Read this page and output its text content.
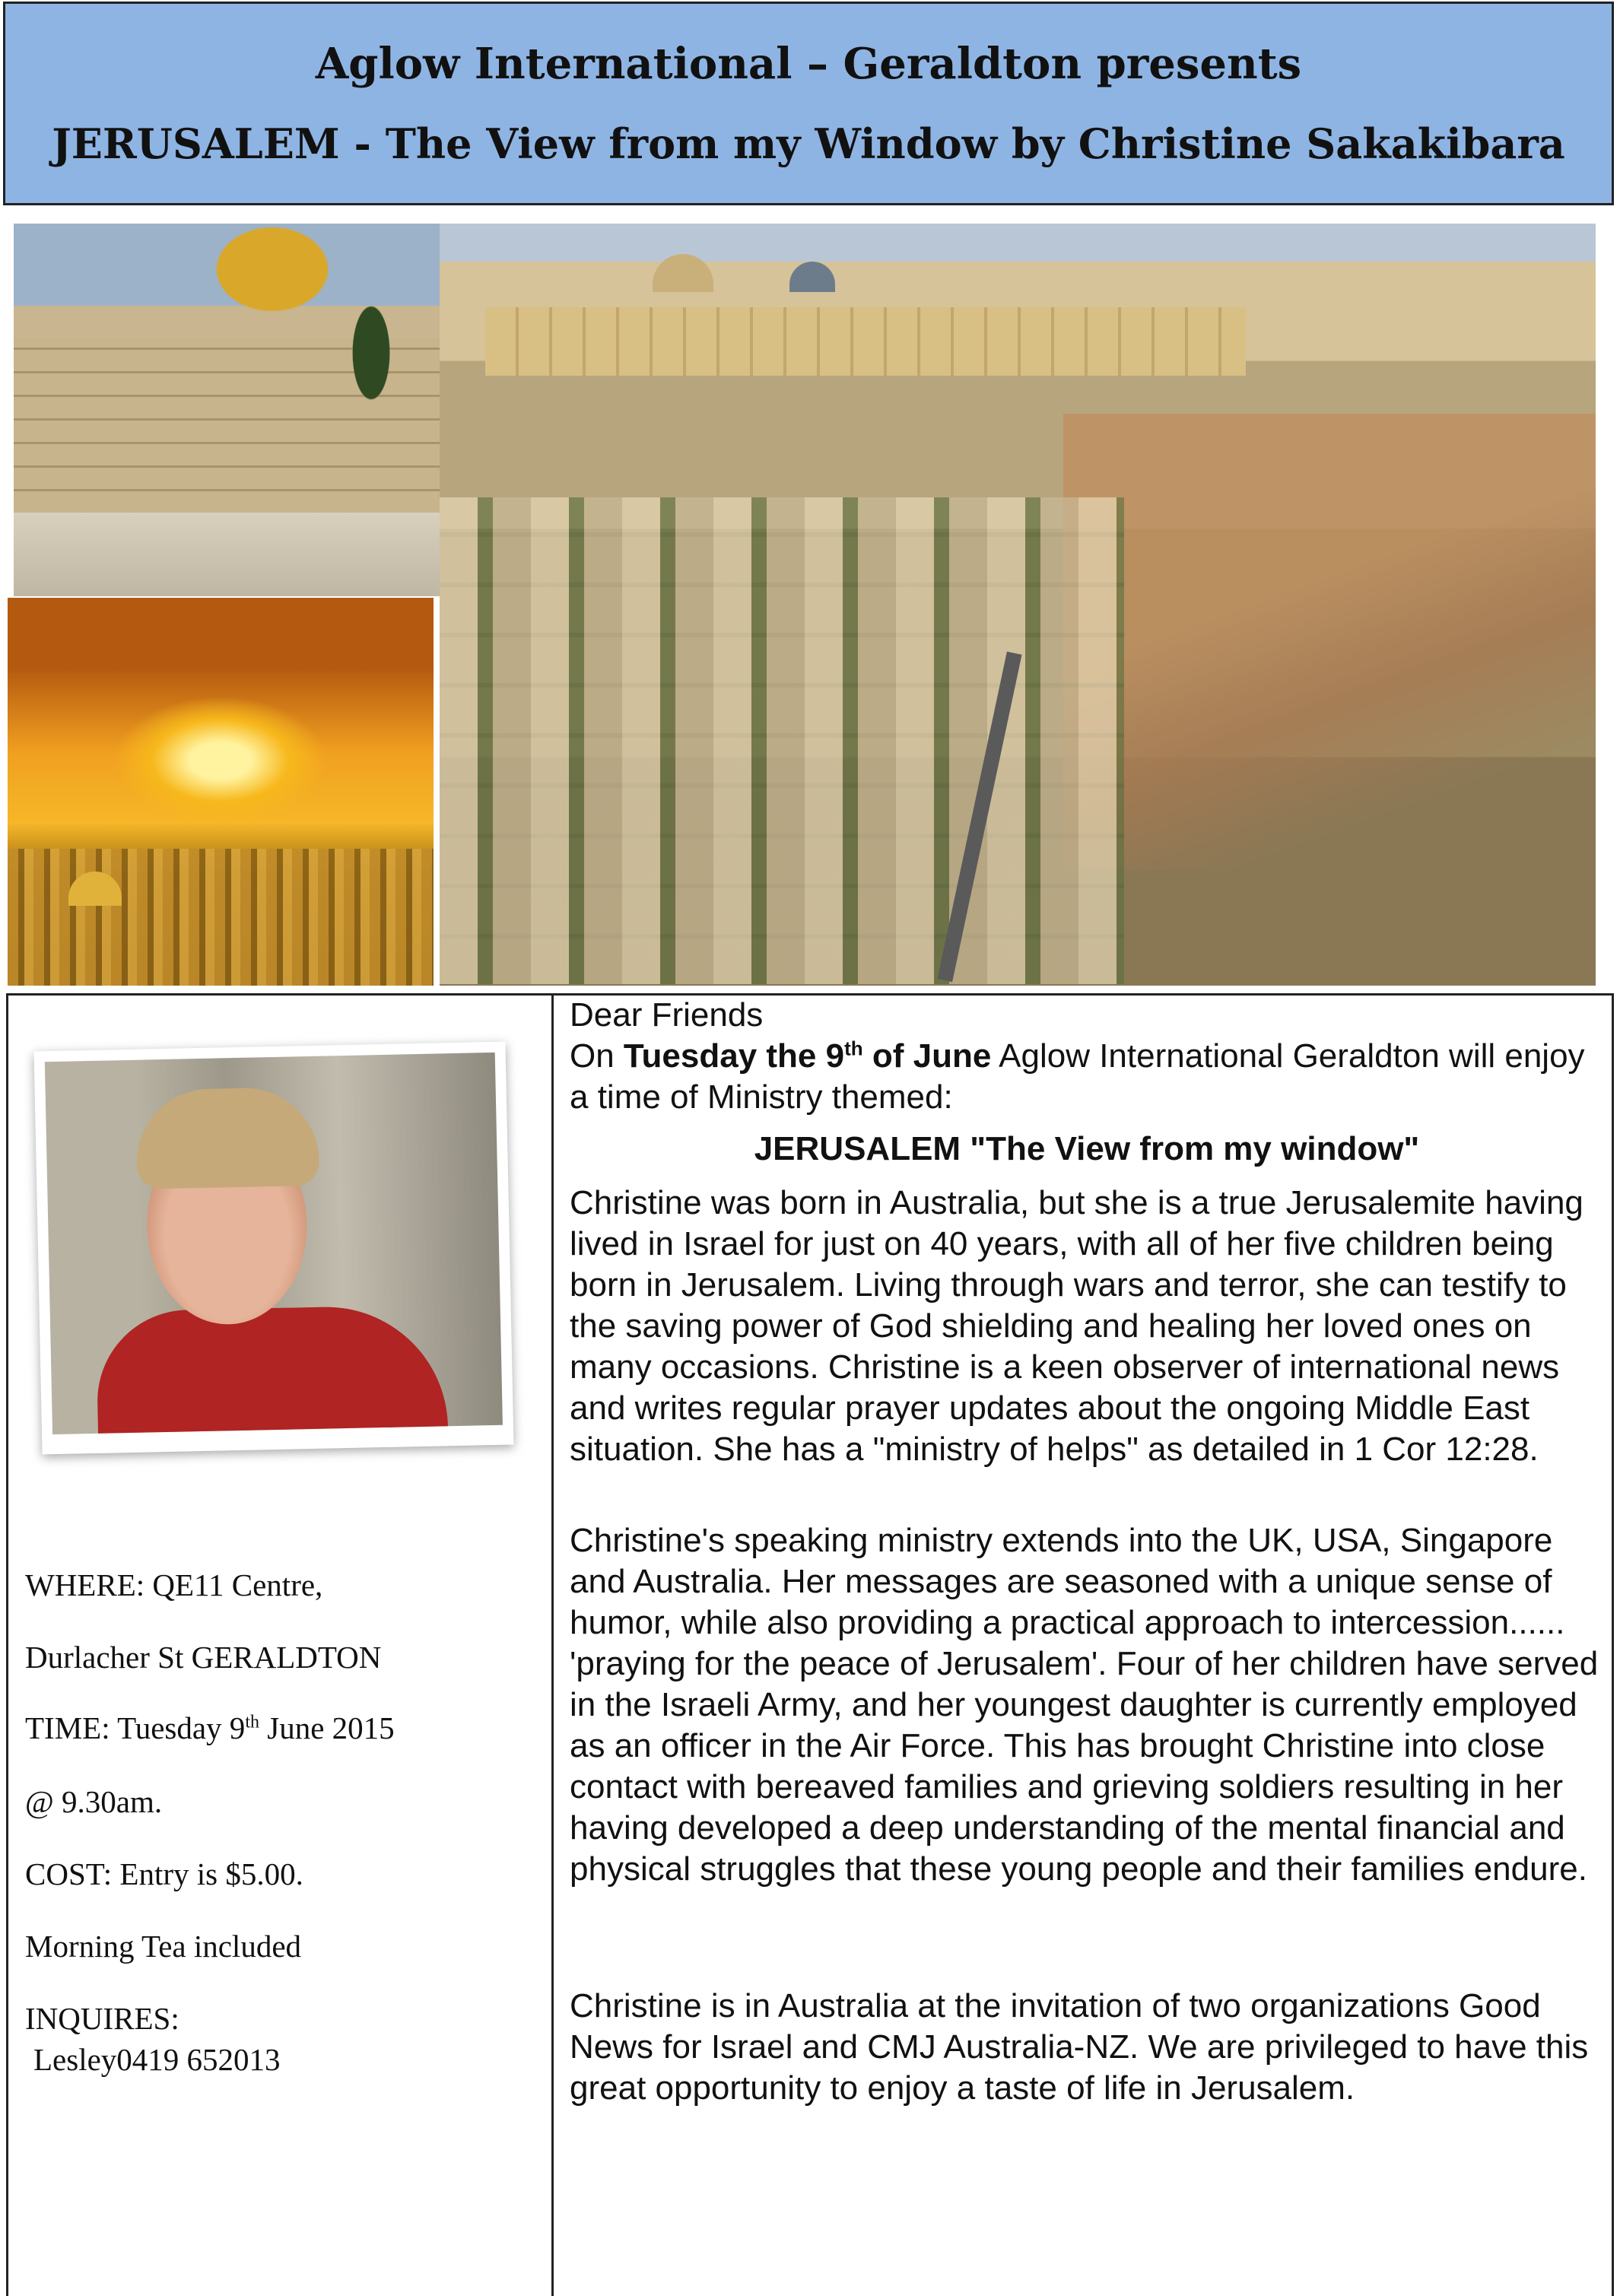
Aglow International – Geraldton presents
JERUSALEM - The View from my Window by Christine Sakakibara
WHERE: QE11 Centre,
Durlacher St GERALDTON
TIME: Tuesday 9th June 2015
@ 9.30am.
COST: Entry is $5.00.
Morning Tea included
INQUIRES:
Lesley0419 652013
Dear Friends
On Tuesday the 9th of June Aglow International Geraldton will enjoy a time of Ministry themed:
JERUSALEM "The View from my window"
Christine was born in Australia, but she is a true Jerusalemite having lived in Israel for just on 40 years, with all of her five children being born in Jerusalem. Living through wars and terror, she can testify to the saving power of God shielding and healing her loved ones on many occasions. Christine is a keen observer of international news and writes regular prayer updates about the ongoing Middle East situation. She has a "ministry of helps" as detailed in 1 Cor 12:28.
Christine's speaking ministry extends into the UK, USA, Singapore and Australia. Her messages are seasoned with a unique sense of humor, while also providing a practical approach to intercession...... 'praying for the peace of Jerusalem'. Four of her children have served in the Israeli Army, and her youngest daughter is currently employed as an officer in the Air Force. This has brought Christine into close contact with bereaved families and grieving soldiers resulting in her having developed a deep understanding of the mental financial and physical struggles that these young people and their families endure.
Christine is in Australia at the invitation of two organizations Good News for Israel and CMJ Australia-NZ. We are privileged to have this great opportunity to enjoy a taste of life in Jerusalem.
